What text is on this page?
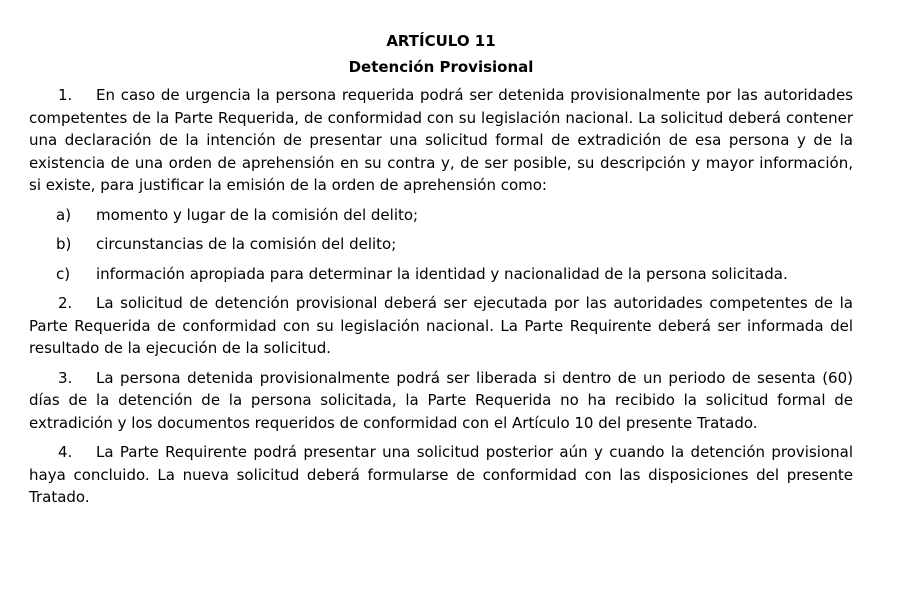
ARTÍCULO 11

Detención Provisional

1. En caso de urgencia la persona requerida podrá ser detenida provisionalmente por las autoridades competentes de la Parte Requerida, de conformidad con su legislación nacional. La solicitud deberá contener una declaración de la intención de presentar una solicitud formal de extradición de esa persona y de la existencia de una orden de aprehensión en su contra y, de ser posible, su descripción y mayor información, si existe, para justificar la emisión de la orden de aprehensión como:

a)	momento y lugar de la comisión del delito;
b)	circunstancias de la comisión del delito;
c)	información apropiada para determinar la identidad y nacionalidad de la persona solicitada.

2. La solicitud de detención provisional deberá ser ejecutada por las autoridades competentes de la Parte Requerida de conformidad con su legislación nacional. La Parte Requirente deberá ser informada del resultado de la ejecución de la solicitud.

3. La persona detenida provisionalmente podrá ser liberada si dentro de un periodo de sesenta (60) días de la detención de la persona solicitada, la Parte Requerida no ha recibido la solicitud formal de extradición y los documentos requeridos de conformidad con el Artículo 10 del presente Tratado.

4. La Parte Requirente podrá presentar una solicitud posterior aún y cuando la detención provisional haya concluido. La nueva solicitud deberá formularse de conformidad con las disposiciones del presente Tratado.
